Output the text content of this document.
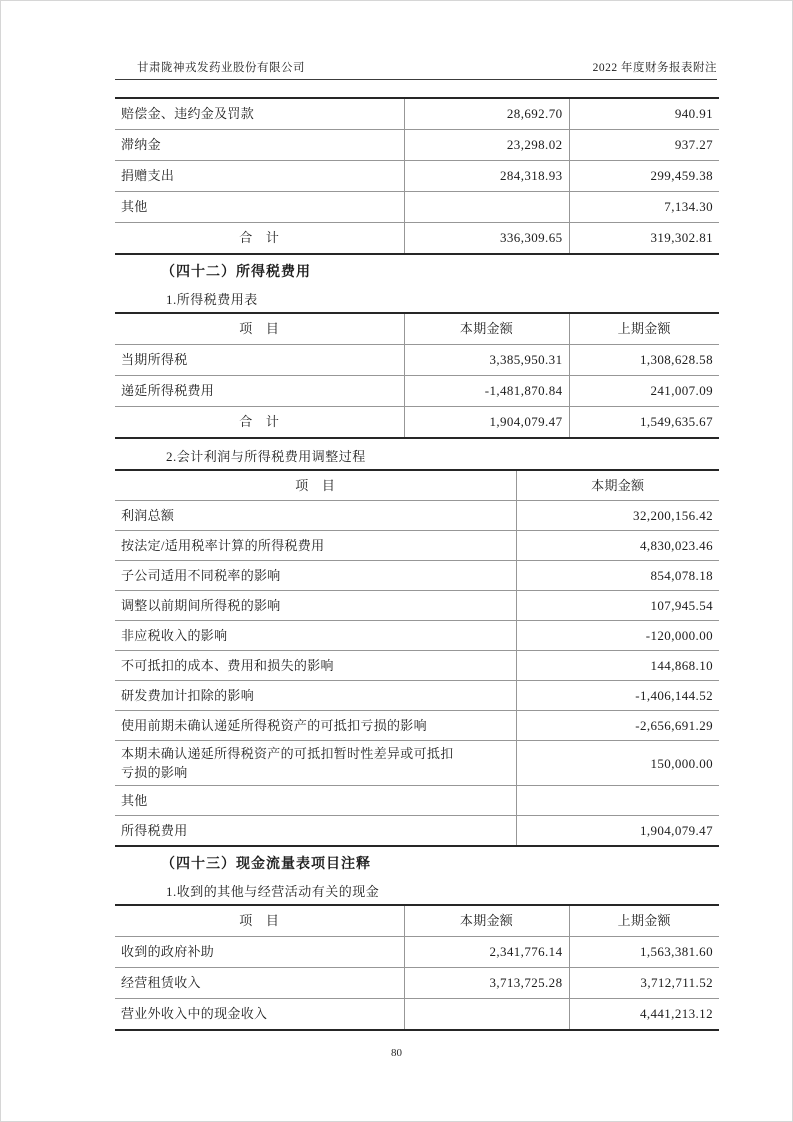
甘肃陇神戎发药业股份有限公司	2022 年度财务报表附注
赔偿金、违约金及罚款	28,692.70	940.91
滞纳金	23,298.02	937.27
捐赠支出	284,318.93	299,459.38
其他		7,134.30
合　计	336,309.65	319,302.81
（四十二）所得税费用

1.所得税费用表

项　目	本期金额	上期金额
当期所得税	3,385,950.31	1,308,628.58
递延所得税费用	-1,481,870.84	241,007.09
合　计	1,904,079.47	1,549,635.67

2.会计利润与所得税费用调整过程

项　目	本期金额
利润总额	32,200,156.42
按法定/适用税率计算的所得税费用	4,830,023.46
子公司适用不同税率的影响	854,078.18
调整以前期间所得税的影响	107,945.54
非应税收入的影响	-120,000.00
不可抵扣的成本、费用和损失的影响	144,868.10
研发费加计扣除的影响	-1,406,144.52
使用前期未确认递延所得税资产的可抵扣亏损的影响	-2,656,691.29
本期未确认递延所得税资产的可抵扣暂时性差异或可抵扣亏损的影响	150,000.00
其他	
所得税费用	1,904,079.47
（四十三）现金流量表项目注释

1.收到的其他与经营活动有关的现金

项　目	本期金额	上期金额
收到的政府补助	2,341,776.14	1,563,381.60
经营租赁收入	3,713,725.28	3,712,711.52
营业外收入中的现金收入		4,441,213.12
80
